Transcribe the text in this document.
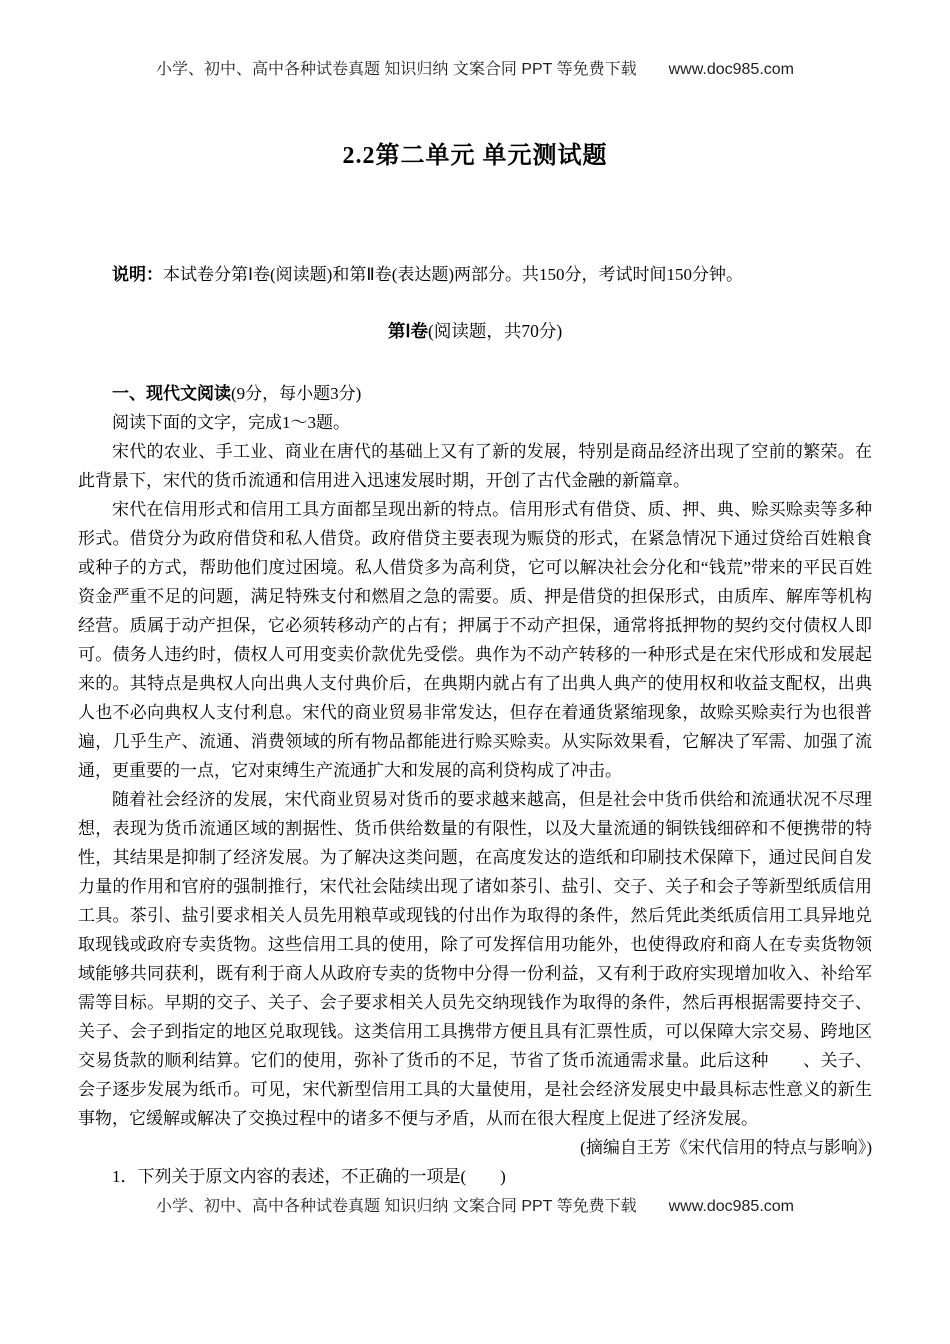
小学、初中、高中各种试卷真题 知识归纳 文案合同 PPT 等免费下载　　www.doc985.com
2.2第二单元 单元测试题

说明：本试卷分第Ⅰ卷(阅读题)和第Ⅱ卷(表达题)两部分。共150分，考试时间150分钟。

第Ⅰ卷(阅读题，共70分)

一、现代文阅读(9分，每小题3分)

阅读下面的文字，完成1～3题。

宋代的农业、手工业、商业在唐代的基础上又有了新的发展，特别是商品经济出现了空前的繁荣。在此背景下，宋代的货币流通和信用进入迅速发展时期，开创了古代金融的新篇章。

宋代在信用形式和信用工具方面都呈现出新的特点。信用形式有借贷、质、押、典、赊买赊卖等多种形式。借贷分为政府借贷和私人借贷。政府借贷主要表现为赈贷的形式，在紧急情况下通过贷给百姓粮食或种子的方式，帮助他们度过困境。私人借贷多为高利贷，它可以解决社会分化和“钱荒”带来的平民百姓资金严重不足的问题，满足特殊支付和燃眉之急的需要。质、押是借贷的担保形式，由质库、解库等机构经营。质属于动产担保，它必须转移动产的占有；押属于不动产担保，通常将抵押物的契约交付债权人即可。债务人违约时，债权人可用变卖价款优先受偿。典作为不动产转移的一种形式是在宋代形成和发展起来的。其特点是典权人向出典人支付典价后，在典期内就占有了出典人典产的使用权和收益支配权，出典人也不必向典权人支付利息。宋代的商业贸易非常发达，但存在着通货紧缩现象，故赊买赊卖行为也很普遍，几乎生产、流通、消费领域的所有物品都能进行赊买赊卖。从实际效果看，它解决了军需、加强了流通，更重要的一点，它对束缚生产流通扩大和发展的高利贷构成了冲击。

随着社会经济的发展，宋代商业贸易对货币的要求越来越高，但是社会中货币供给和流通状况不尽理想，表现为货币流通区域的割据性、货币供给数量的有限性，以及大量流通的铜铁钱细碎和不便携带的特性，其结果是抑制了经济发展。为了解决这类问题，在高度发达的造纸和印刷技术保障下，通过民间自发力量的作用和官府的强制推行，宋代社会陆续出现了诸如茶引、盐引、交子、关子和会子等新型纸质信用工具。茶引、盐引要求相关人员先用粮草或现钱的付出作为取得的条件，然后凭此类纸质信用工具异地兑取现钱或政府专卖货物。这些信用工具的使用，除了可发挥信用功能外，也使得政府和商人在专卖货物领域能够共同获利，既有利于商人从政府专卖的货物中分得一份利益，又有利于政府实现增加收入、补给军需等目标。早期的交子、关子、会子要求相关人员先交纳现钱作为取得的条件，然后再根据需要持交子、关子、会子到指定的地区兑取现钱。这类信用工具携带方便且具有汇票性质，可以保障大宗交易、跨地区交易货款的顺利结算。它们的使用，弥补了货币的不足，节省了货币流通需求量。此后这种　　、关子、会子逐步发展为纸币。可见，宋代新型信用工具的大量使用，是社会经济发展史中最具标志性意义的新生事物，它缓解或解决了交换过程中的诸多不便与矛盾，从而在很大程度上促进了经济发展。

(摘编自王芳《宋代信用的特点与影响》)

1．下列关于原文内容的表述，不正确的一项是(　　)

小学、初中、高中各种试卷真题 知识归纳 文案合同 PPT 等免费下载　　www.doc985.com
